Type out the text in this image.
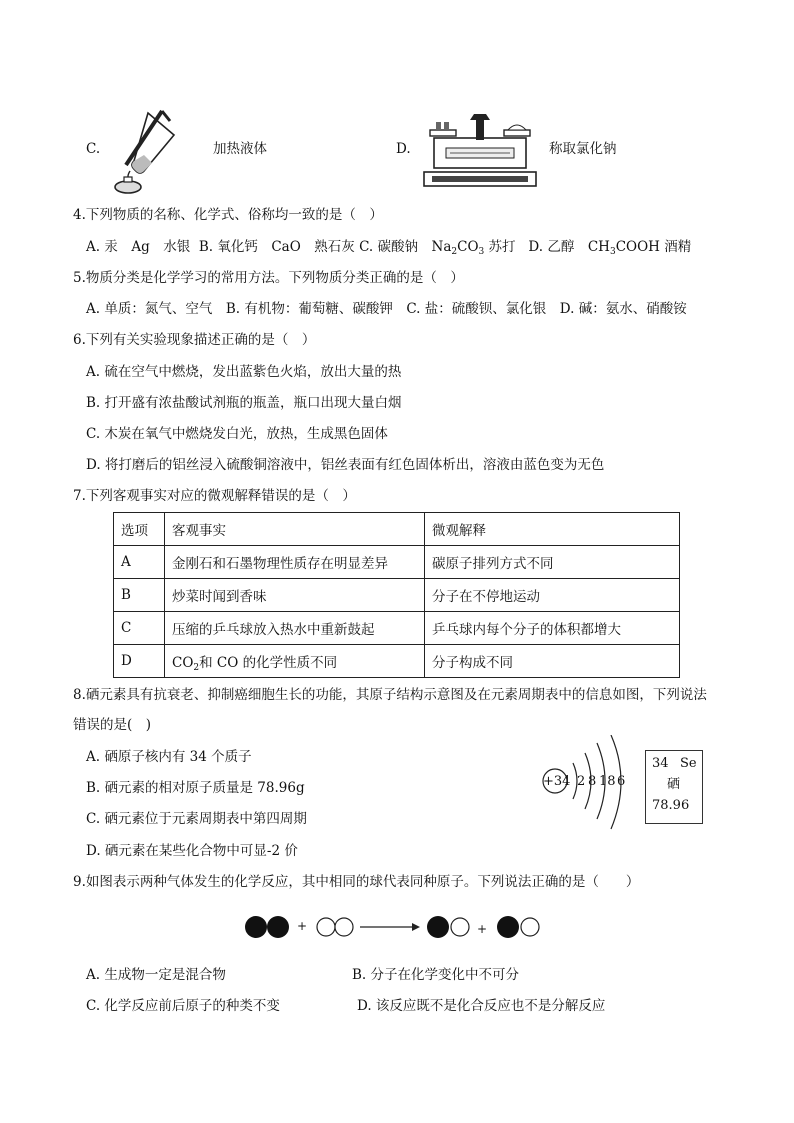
C.	加热液体	D.	称取氯化钠
4.下列物质的名称、化学式、俗称均一致的是（　）
A. 汞　Ag　水银 B. 氧化钙　CaO　熟石灰 C. 碳酸钠　$Na_2CO_3$ 苏打 D. 乙醇　$CH_3COOH$ 酒精
5.物质分类是化学学习的常用方法。下列物质分类正确的是（　）
A. 单质：氮气、空气　B. 有机物：葡萄糖、碳酸钾　C. 盐：硫酸钡、氯化银　D. 碱：氨水、硝酸铵
6.下列有关实验现象描述正确的是（　）
A. 硫在空气中燃烧，发出蓝紫色火焰，放出大量的热
B. 打开盛有浓盐酸试剂瓶的瓶盖，瓶口出现大量白烟
C. 木炭在氧气中燃烧发白光，放热，生成黑色固体
D. 将打磨后的铝丝浸入硫酸铜溶液中，铝丝表面有红色固体析出，溶液由蓝色变为无色
7.下列客观事实对应的微观解释错误的是（　）
选项	客观事实	微观解释
A	金刚石和石墨物理性质存在明显差异	碳原子排列方式不同
B	炒菜时闻到香味	分子在不停地运动
C	压缩的乒乓球放入热水中重新鼓起	乒乓球内每个分子的体积都增大
D	$CO_2$和 CO 的化学性质不同	分子构成不同
8.硒元素具有抗衰老、抑制癌细胞生长的功能，其原子结构示意图及在元素周期表中的信息如图，下列说法
错误的是(　)
A. 硒原子核内有 34 个质子
B. 硒元素的相对原子质量是 78.96g
C. 硒元素位于元素周期表中第四周期
D. 硒元素在某些化合物中可显-2 价
+34 2 8 18 6
34 Se
硒
78.96
9.如图表示两种气体发生的化学反应，其中相同的球代表同种原子。下列说法正确的是（　　）
+	+
A. 生成物一定是混合物	B. 分子在化学变化中不可分
C. 化学反应前后原子的种类不变	D. 该反应既不是化合反应也不是分解反应
